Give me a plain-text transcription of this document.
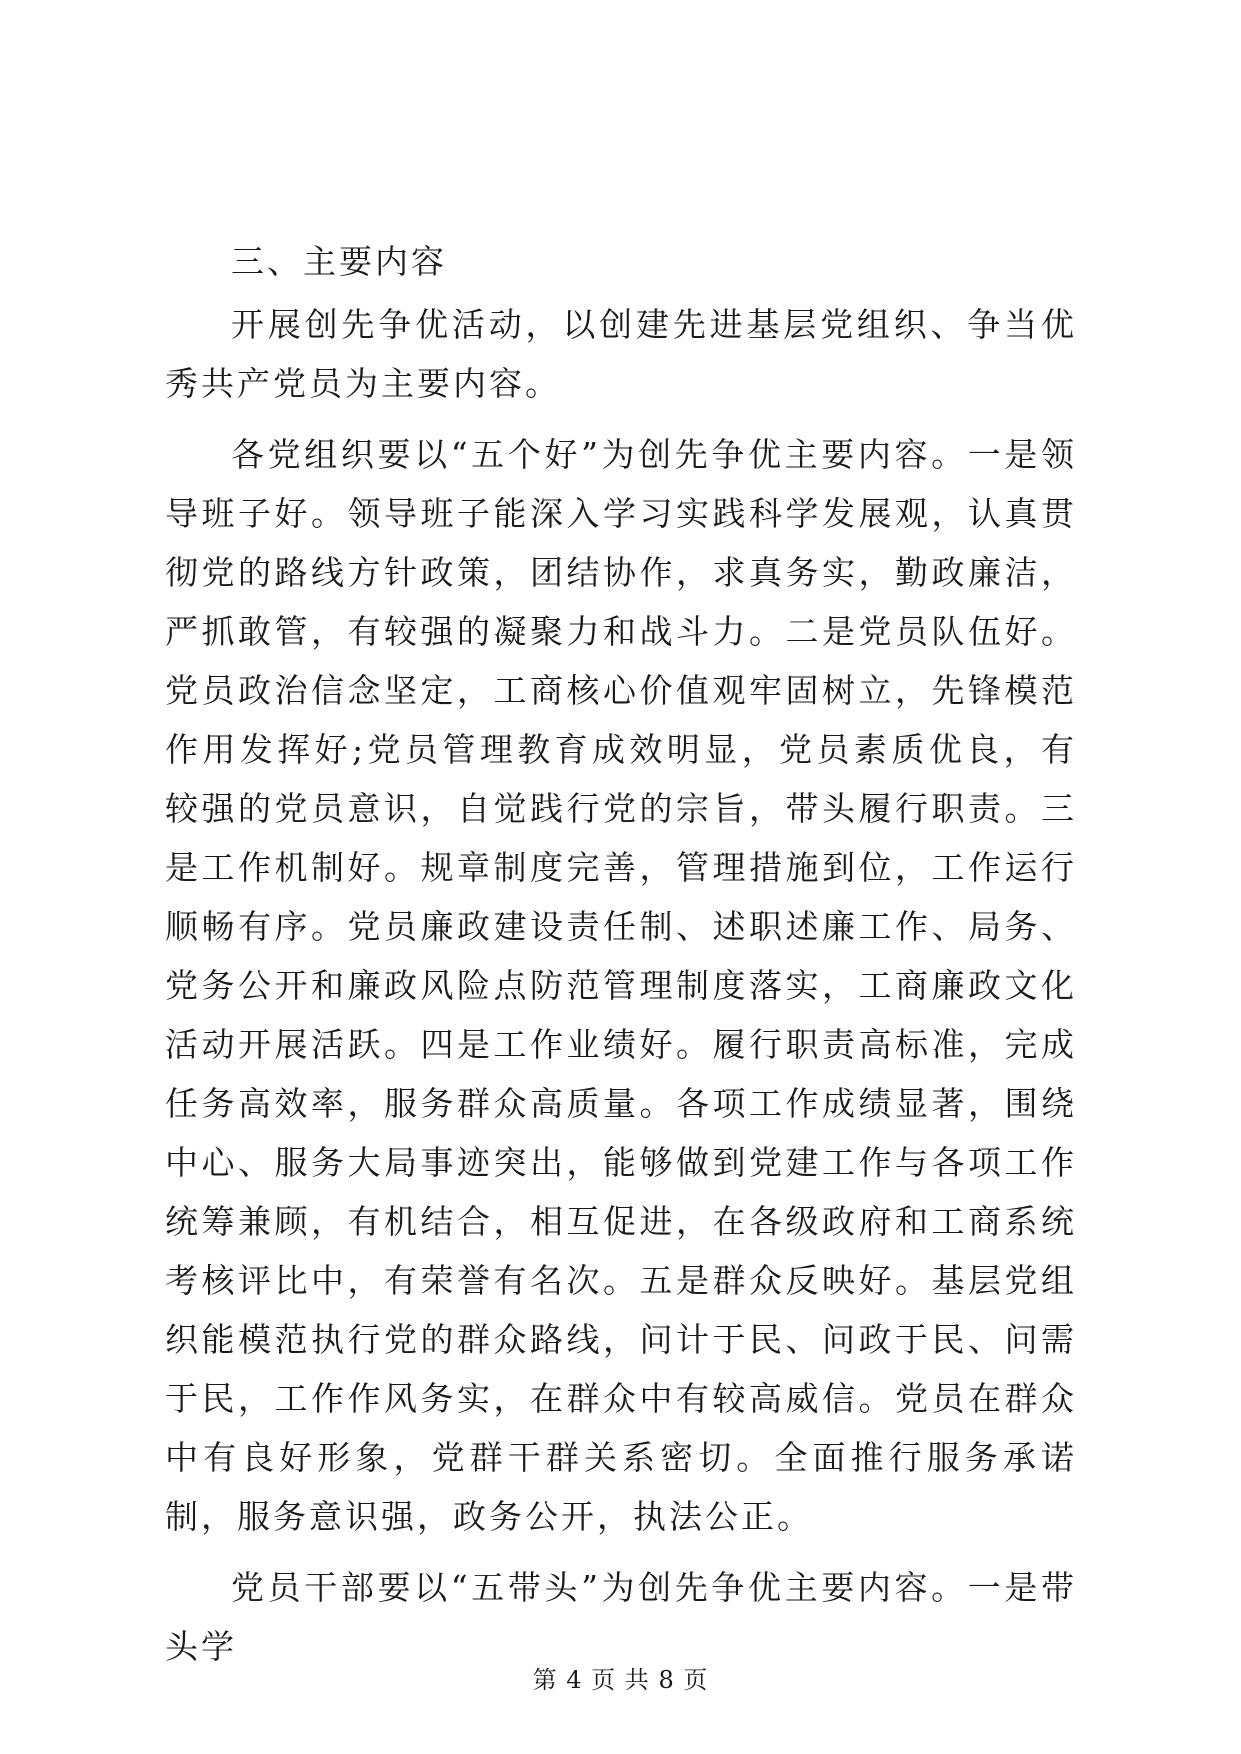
三、主要内容

开展创先争优活动，以创建先进基层党组织、争当优秀共产党员为主要内容。

各党组织要以“五个好”为创先争优主要内容。一是领导班子好。领导班子能深入学习实践科学发展观，认真贯彻党的路线方针政策，团结协作，求真务实，勤政廉洁，严抓敢管，有较强的凝聚力和战斗力。二是党员队伍好。党员政治信念坚定，工商核心价值观牢固树立，先锋模范作用发挥好;党员管理教育成效明显，党员素质优良，有较强的党员意识，自觉践行党的宗旨，带头履行职责。三是工作机制好。规章制度完善，管理措施到位，工作运行顺畅有序。党员廉政建设责任制、述职述廉工作、局务、党务公开和廉政风险点防范管理制度落实，工商廉政文化活动开展活跃。四是工作业绩好。履行职责高标准，完成任务高效率，服务群众高质量。各项工作成绩显著，围绕中心、服务大局事迹突出，能够做到党建工作与各项工作统筹兼顾，有机结合，相互促进，在各级政府和工商系统考核评比中，有荣誉有名次。五是群众反映好。基层党组织能模范执行党的群众路线，问计于民、问政于民、问需于民，工作作风务实，在群众中有较高威信。党员在群众中有良好形象，党群干群关系密切。全面推行服务承诺制，服务意识强，政务公开，执法公正。

党员干部要以“五带头”为创先争优主要内容。一是带头学

第 4 页 共 8 页
